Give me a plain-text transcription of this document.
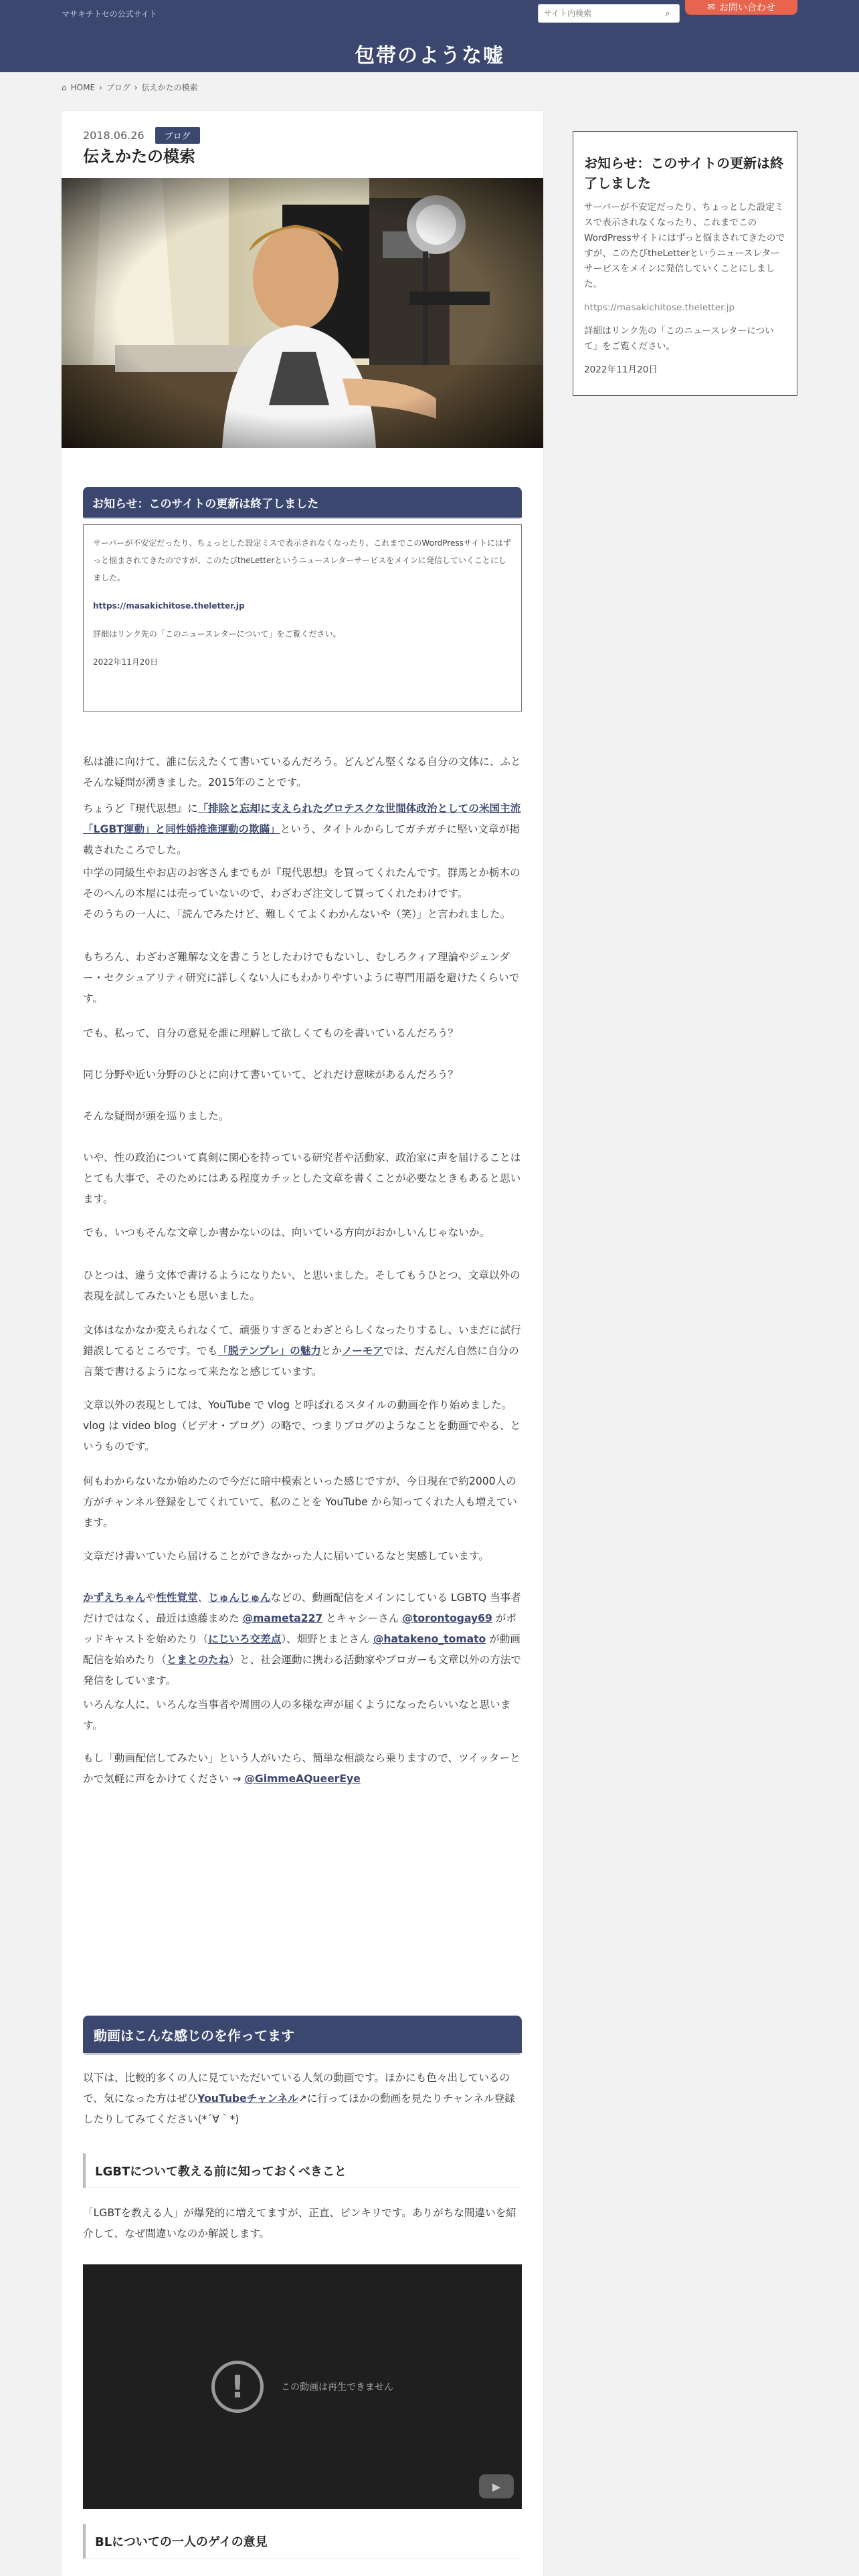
マサキチトセの公式サイト
サイト内検索	⌕
✉ お問い合わせ
包帯のような嘘
⌂ HOME › ブログ › 伝えかたの模索
2018.06.26	ブログ
伝えかたの模索
お知らせ：このサイトの更新は終了しました

サーバーが不安定だったり、ちょっとした設定ミスで表示されなくなったり、これまでこのWordPressサイトにはずっと悩まされてきたのですが、このたびtheLetterというニュースレターサービスをメインに発信していくことにしました。

https://masakichitose.theletter.jp

詳細はリンク先の「このニュースレターについて」をご覧ください。

2022年11月20日

私は誰に向けて、誰に伝えたくて書いているんだろう。どんどん堅くなる自分の文体に、ふとそんな疑問が湧きました。2015年のことです。

ちょうど『現代思想』に「排除と忘却に支えられたグロテスクな世間体政治としての米国主流「LGBT運動」と同性婚推進運動の欺瞞」という、タイトルからしてガチガチに堅い文章が掲載されたころでした。

中学の同級生やお店のお客さんまでもが『現代思想』を買ってくれたんです。群馬とか栃木のそのへんの本屋には売っていないので、わざわざ注文して買ってくれたわけです。

そのうちの一人に、「読んでみたけど、難しくてよくわかんないや（笑）」と言われました。

もちろん、わざわざ難解な文を書こうとしたわけでもないし、むしろクィア理論やジェンダー・セクシュアリティ研究に詳しくない人にもわかりやすいように専門用語を避けたくらいです。

でも、私って、自分の意見を誰に理解して欲しくてものを書いているんだろう？

同じ分野や近い分野のひとに向けて書いていて、どれだけ意味があるんだろう？

そんな疑問が頭を巡りました。

いや、性の政治について真剣に関心を持っている研究者や活動家、政治家に声を届けることはとても大事で、そのためにはある程度カチッとした文章を書くことが必要なときもあると思います。

でも、いつもそんな文章しか書かないのは、向いている方向がおかしいんじゃないか。

ひとつは、違う文体で書けるようになりたい、と思いました。そしてもうひとつ、文章以外の表現を試してみたいとも思いました。

文体はなかなか変えられなくて、頑張りすぎるとわざとらしくなったりするし、いまだに試行錯誤してるところです。でも「脱テンプレ」の魅力とかノーモアでは、だんだん自然に自分の言葉で書けるようになって来たなと感じています。

文章以外の表現としては、YouTube で vlog と呼ばれるスタイルの動画を作り始めました。vlog は video blog（ビデオ・ブログ）の略で、つまりブログのようなことを動画でやる、というものです。

何もわからないなか始めたので今だに暗中模索といった感じですが、今日現在で約2000人の方がチャンネル登録をしてくれていて、私のことを YouTube から知ってくれた人も増えています。

文章だけ書いていたら届けることができなかった人に届いているなと実感しています。

かずえちゃんや性性覚堂、じゅんじゅんなどの、動画配信をメインにしている LGBTQ 当事者だけではなく、最近は遠藤まめた @mameta227 とキャシーさん @torontogay69 がポッドキャストを始めたり（にじいろ交差点）、畑野とまとさん @hatakeno_tomato が動画配信を始めたり（とまとのたね）と、社会運動に携わる活動家やブロガーも文章以外の方法で発信をしています。

いろんな人に、いろんな当事者や周囲の人の多様な声が届くようになったらいいなと思います。

もし「動画配信してみたい」という人がいたら、簡単な相談なら乗りますので、ツイッターとかで気軽に声をかけてください → @GimmeAQueerEye

動画はこんな感じのを作ってます

以下は、比較的多くの人に見ていただいている人気の動画です。ほかにも色々出しているので、気になった方はぜひYouTubeチャンネル↗に行ってほかの動画を見たりチャンネル登録したりしてみてください(*´∀｀*)

LGBTについて教える前に知っておくべきこと

「LGBTを教える人」が爆発的に増えてますが、正直、ピンキリです。ありがちな間違いを紹介して、なぜ間違いなのか解説します。

!	この動画は再生できません
▶
BLについての一人のゲイの意見
お知らせ：このサイトの更新は終了しました

サーバーが不安定だったり、ちょっとした設定ミスで表示されなくなったり、これまでこのWordPressサイトにはずっと悩まされてきたのですが、このたびtheLetterというニュースレターサービスをメインに発信していくことにしました。

https://masakichitose.theletter.jp

詳細はリンク先の「このニュースレターについて」をご覧ください。

2022年11月20日
